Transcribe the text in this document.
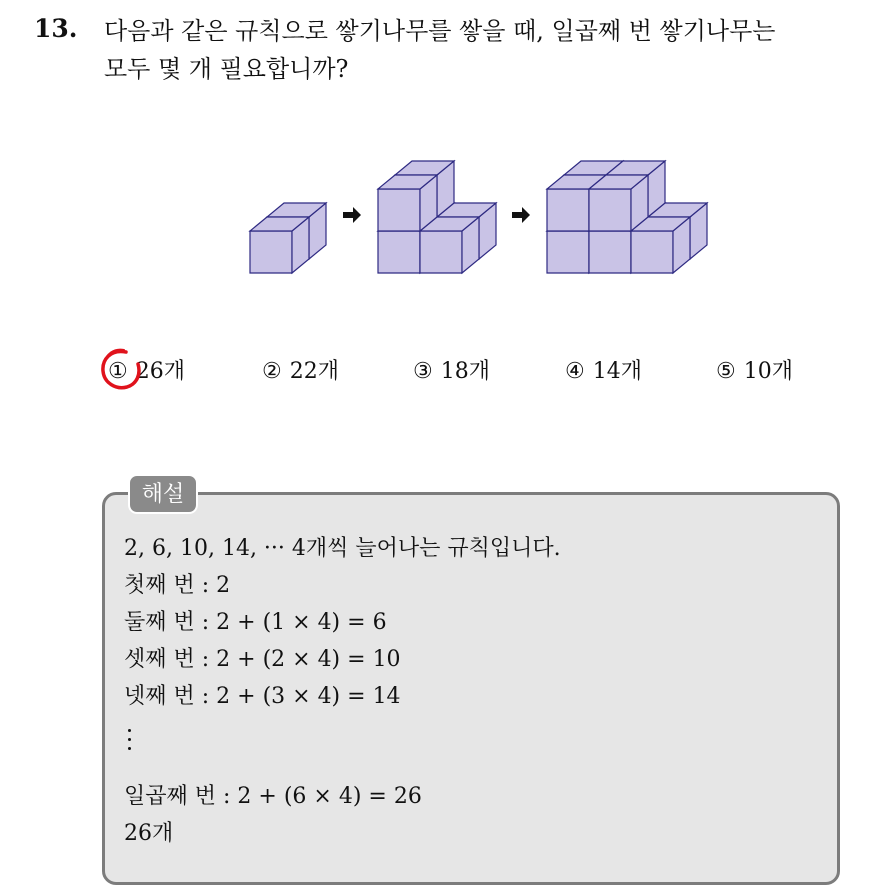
13. 다음과 같은 규칙으로 쌓기나무를 쌓을 때, 일곱째 번 쌓기나무는
모두 몇 개 필요합니까?
① 26개	② 22개	③ 18개	④ 14개	⑤ 10개
해설
2, 6, 10, 14, ··· 4개씩 늘어나는 규칙입니다.
첫째 번 : 2
둘째 번 : 2 + (1 × 4) = 6
셋째 번 : 2 + (2 × 4) = 10
넷째 번 : 2 + (3 × 4) = 14
일곱째 번 : 2 + (6 × 4) = 26
26개
